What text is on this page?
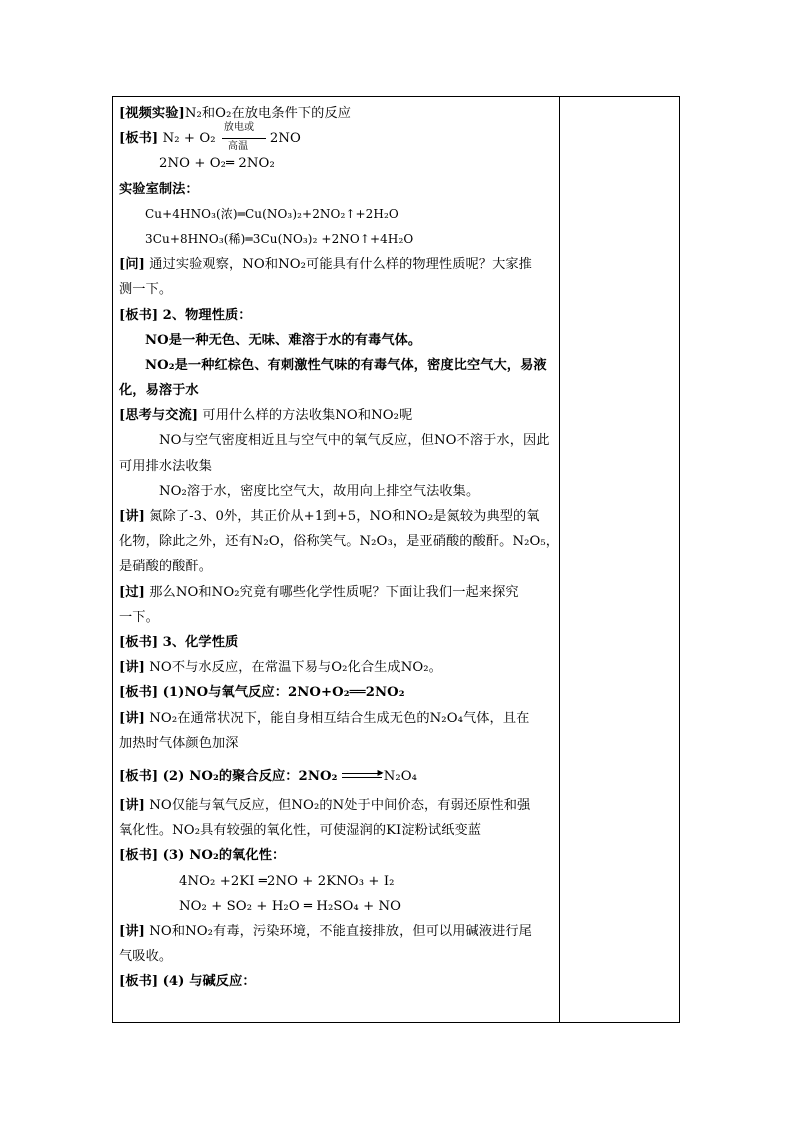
[视频实验]N₂和O₂在放电条件下的反应
[板书] N₂ + O₂
放电或
高温 2NO
2NO + O₂═ 2NO₂
实验室制法：
Cu+4HNO₃(浓)═Cu(NO₃)₂+2NO₂↑+2H₂O
3Cu+8HNO₃(稀)═3Cu(NO₃)₂ +2NO↑+4H₂O
[问] 通过实验观察，NO和NO₂可能具有什么样的物理性质呢？大家推
测一下。
[板书] 2、物理性质：
NO是一种无色、无味、难溶于水的有毒气体。
NO₂是一种红棕色、有刺激性气味的有毒气体，密度比空气大，易液
化，易溶于水
[思考与交流] 可用什么样的方法收集NO和NO₂呢
NO与空气密度相近且与空气中的氧气反应，但NO不溶于水，因此
可用排水法收集
NO₂溶于水，密度比空气大，故用向上排空气法收集。
[讲] 氮除了-3、0外，其正价从+1到+5，NO和NO₂是氮较为典型的氧
化物，除此之外，还有N₂O，俗称笑气。N₂O₃，是亚硝酸的酸酐。N₂O₅，
是硝酸的酸酐。
[过] 那么NO和NO₂究竟有哪些化学性质呢？下面让我们一起来探究
一下。
[板书] 3、化学性质
[讲] NO不与水反应，在常温下易与O₂化合生成NO₂。
[板书] (1)NO与氧气反应：2NO+O₂══2NO₂
[讲] NO₂在通常状况下，能自身相互结合生成无色的N₂O₄气体，且在
加热时气体颜色加深
[板书] (2) NO₂的聚合反应：2NO₂	▶ N₂O₄
[讲] NO仅能与氧气反应，但NO₂的N处于中间价态，有弱还原性和强
氧化性。NO₂具有较强的氧化性，可使湿润的KI淀粉试纸变蓝
[板书] (3) NO₂的氧化性：
4NO₂ +2KI ═2NO + 2KNO₃ + I₂
NO₂ + SO₂ + H₂O ═ H₂SO₄ + NO
[讲] NO和NO₂有毒，污染环境，不能直接排放，但可以用碱液进行尾
气吸收。
[板书] (4) 与碱反应：
